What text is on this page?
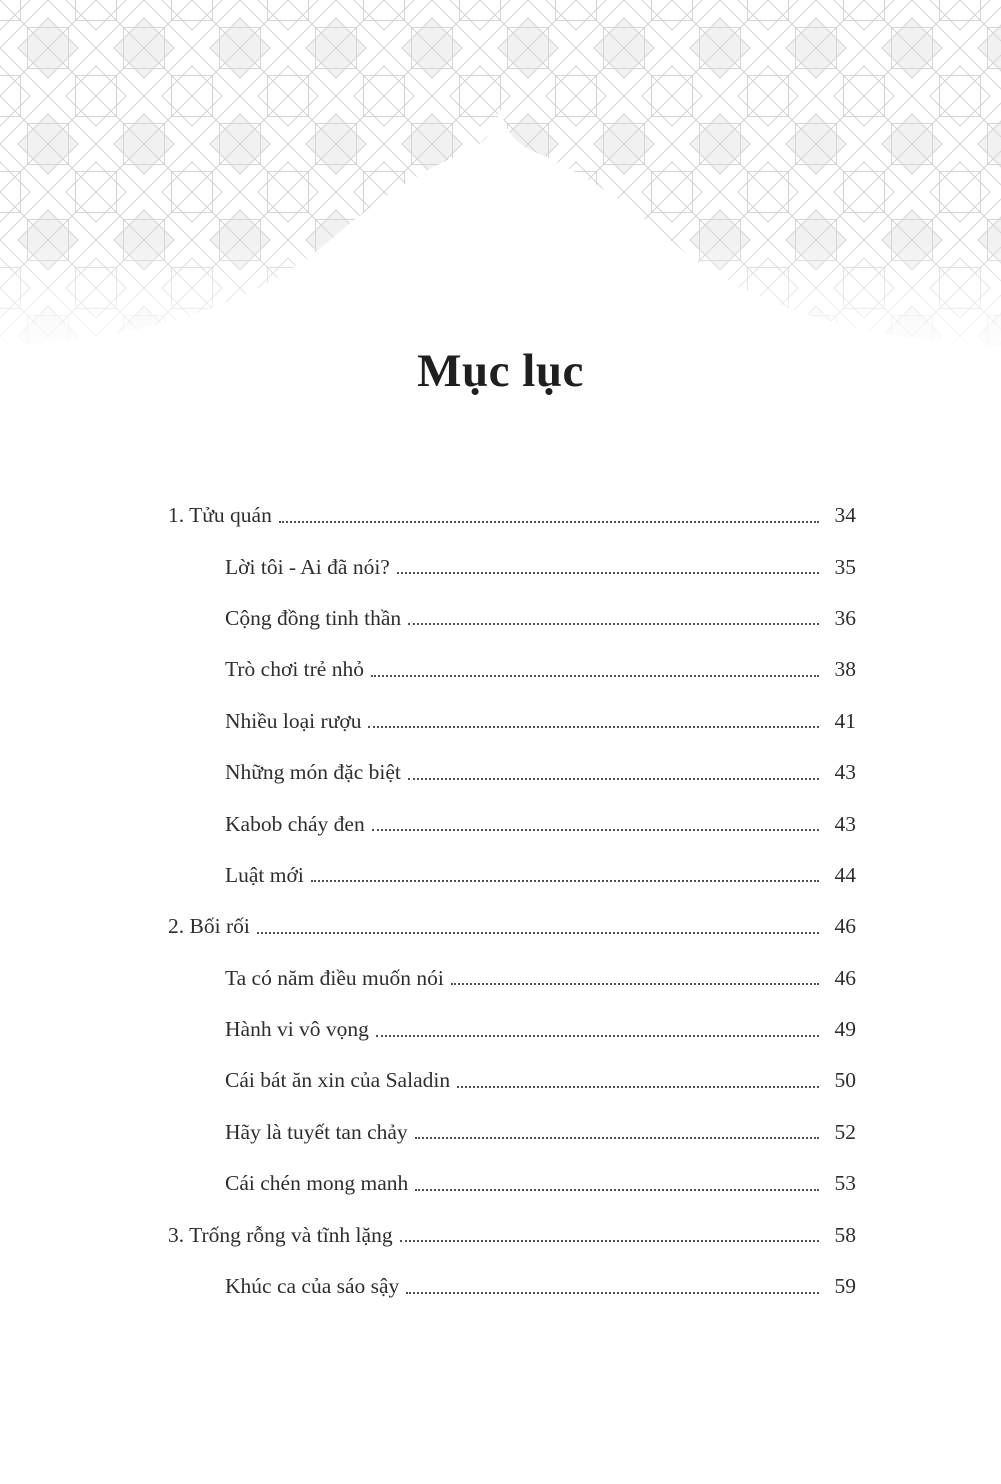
Mục lục
1. Tửu quán	34
Lời tôi - Ai đã nói?	35
Cộng đồng tinh thần	36
Trò chơi trẻ nhỏ	38
Nhiều loại rượu	41
Những món đặc biệt	43
Kabob cháy đen	43
Luật mới	44
2. Bối rối	46
Ta có năm điều muốn nói	46
Hành vi vô vọng	49
Cái bát ăn xin của Saladin	50
Hãy là tuyết tan chảy	52
Cái chén mong manh	53
3. Trống rỗng và tĩnh lặng	58
Khúc ca của sáo sậy	59
